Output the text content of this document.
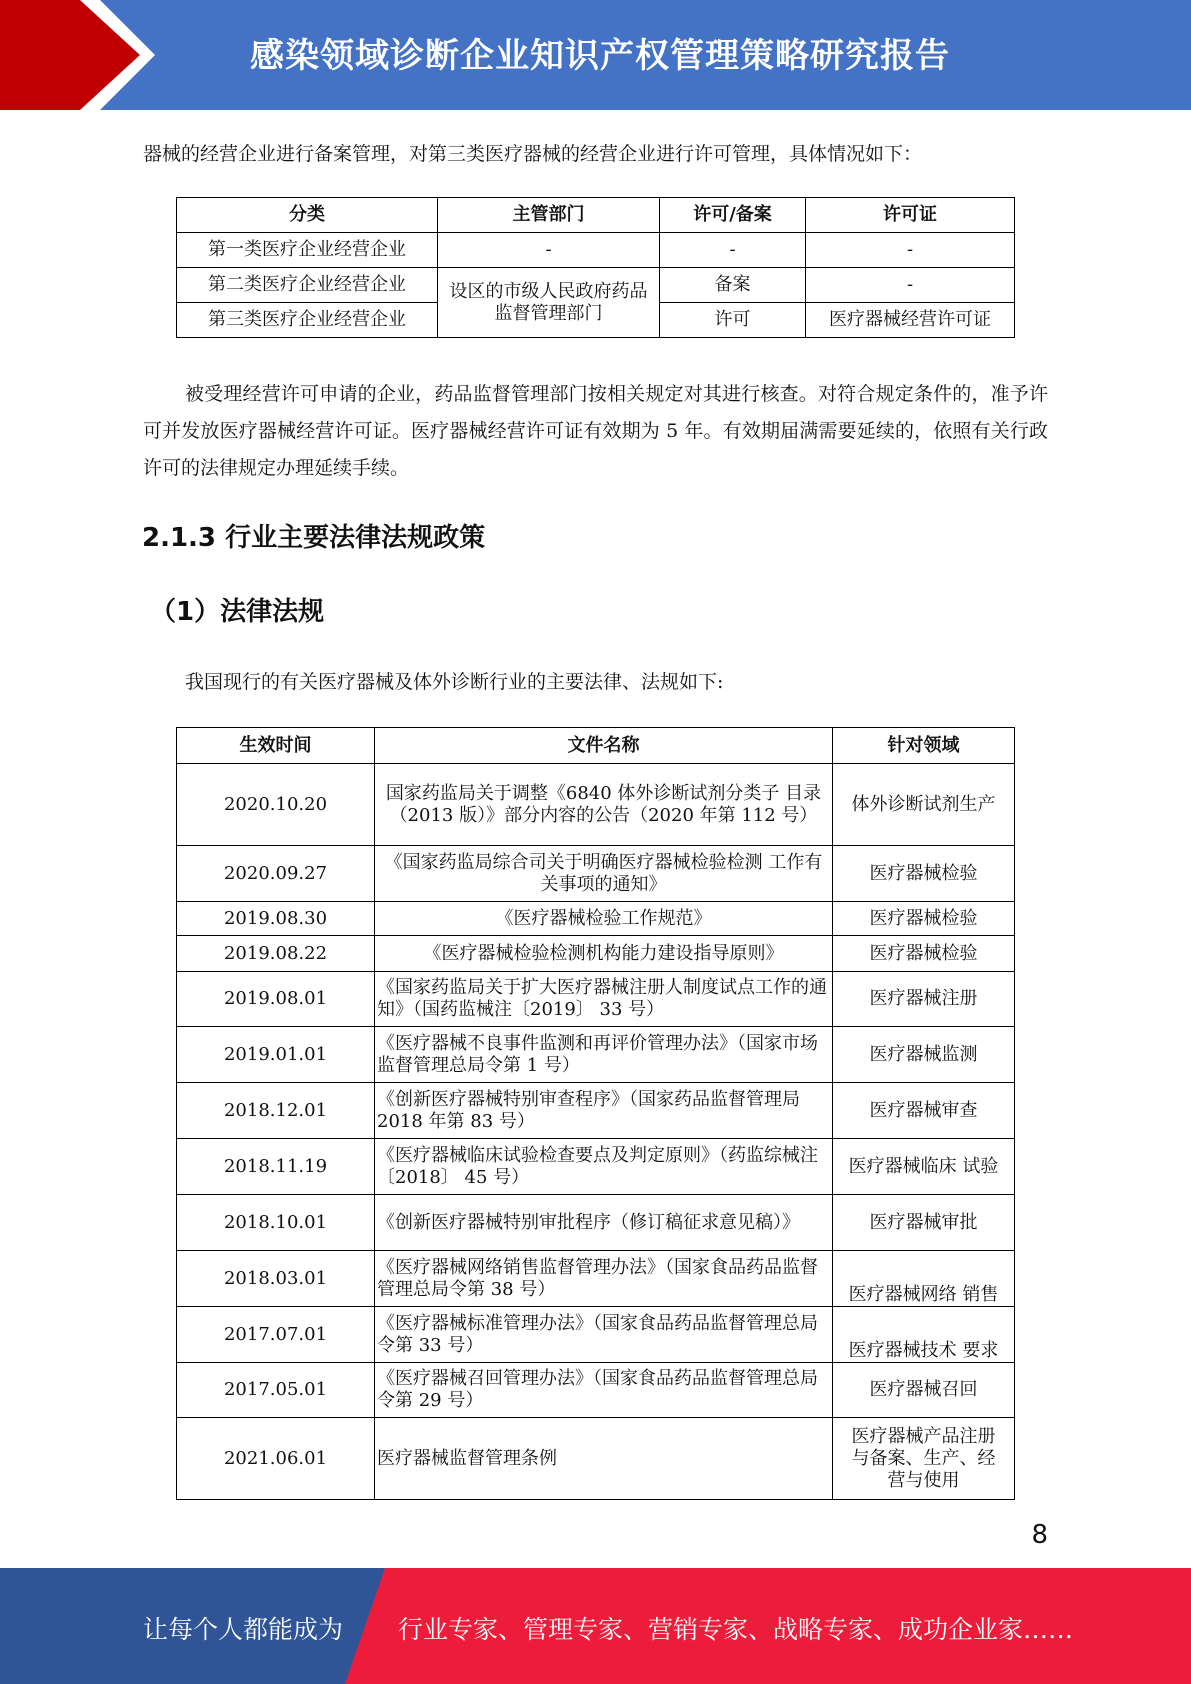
感染领域诊断企业知识产权管理策略研究报告
器械的经营企业进行备案管理，对第三类医疗器械的经营企业进行许可管理，具体情况如下：
分类	主管部门	许可/备案	许可证
第一类医疗企业经营企业	-	-	-
第二类医疗企业经营企业	设区的市级人民政府药品监督管理部门	备案	-
第三类医疗企业经营企业		许可	医疗器械经营许可证
被受理经营许可申请的企业，药品监督管理部门按相关规定对其进行核查。对符合规定条件的，准予许可并发放医疗器械经营许可证。医疗器械经营许可证有效期为 5 年。有效期届满需要延续的，依照有关行政许可的法律规定办理延续手续。
2.1.3 行业主要法律法规政策
（1）法律法规
我国现行的有关医疗器械及体外诊断行业的主要法律、法规如下:
生效时间	文件名称	针对领域
2020.10.20	国家药监局关于调整《6840 体外诊断试剂分类子 目录（2013 版）》部分内容的公告（2020 年第 112 号）	体外诊断试剂生产
2020.09.27	《国家药监局综合司关于明确医疗器械检验检测 工作有关事项的通知》	医疗器械检验
2019.08.30	《医疗器械检验工作规范》	医疗器械检验
2019.08.22	《医疗器械检验检测机构能力建设指导原则》	医疗器械检验
2019.08.01	《国家药监局关于扩大医疗器械注册人制度试点工作的通知》（国药监械注〔2019〕 33 号）	医疗器械注册
2019.01.01	《医疗器械不良事件监测和再评价管理办法》（国家市场监督管理总局令第 1 号）	医疗器械监测
2018.12.01	《创新医疗器械特别审查程序》（国家药品监督管理局 2018 年第 83 号）	医疗器械审查
2018.11.19	《医疗器械临床试验检查要点及判定原则》（药监综械注〔2018〕 45 号）	医疗器械临床 试验
2018.10.01	《创新医疗器械特别审批程序（修订稿征求意见稿）》	医疗器械审批
2018.03.01	《医疗器械网络销售监督管理办法》（国家食品药品监督管理总局令第 38 号）	医疗器械网络 销售
2017.07.01	《医疗器械标准管理办法》（国家食品药品监督管理总局令第 33 号）	医疗器械技术 要求
2017.05.01	《医疗器械召回管理办法》（国家食品药品监督管理总局令第 29 号）	医疗器械召回
2021.06.01	医疗器械监督管理条例	医疗器械产品注册与备案、生产、经营与使用
8
让每个人都能成为 行业专家、管理专家、营销专家、战略专家、成功企业家……
